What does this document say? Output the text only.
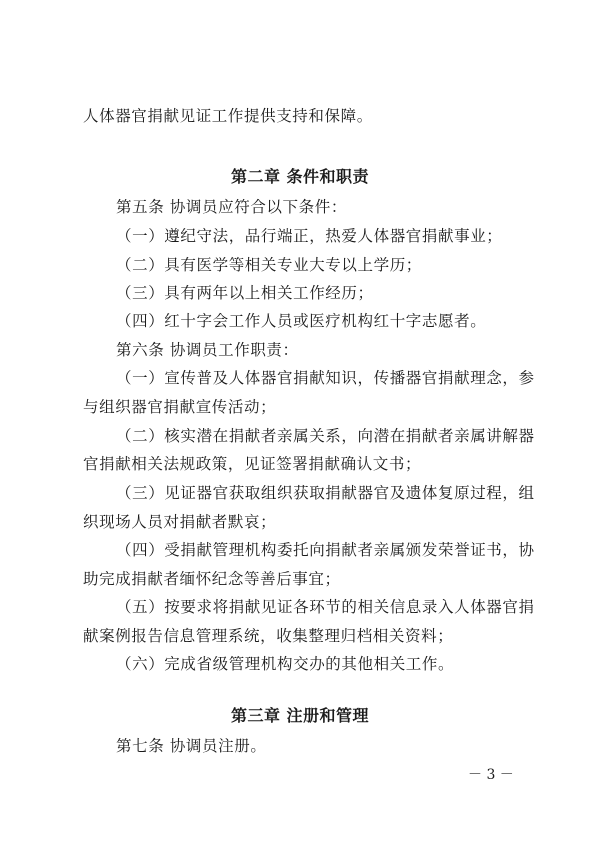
人体器官捐献见证工作提供支持和保障。
第二章 条件和职责
第五条 协调员应符合以下条件：
（一）遵纪守法，品行端正，热爱人体器官捐献事业；
（二）具有医学等相关专业大专以上学历；
（三）具有两年以上相关工作经历；
（四）红十字会工作人员或医疗机构红十字志愿者。
第六条 协调员工作职责：
（一）宣传普及人体器官捐献知识，传播器官捐献理念，参
与组织器官捐献宣传活动；
（二）核实潜在捐献者亲属关系，向潜在捐献者亲属讲解器
官捐献相关法规政策，见证签署捐献确认文书；
（三）见证器官获取组织获取捐献器官及遗体复原过程，组
织现场人员对捐献者默哀；
（四）受捐献管理机构委托向捐献者亲属颁发荣誉证书，协
助完成捐献者缅怀纪念等善后事宜；
（五）按要求将捐献见证各环节的相关信息录入人体器官捐
献案例报告信息管理系统，收集整理归档相关资料；
（六）完成省级管理机构交办的其他相关工作。
第三章 注册和管理
第七条 协调员注册。
－ 3 －
